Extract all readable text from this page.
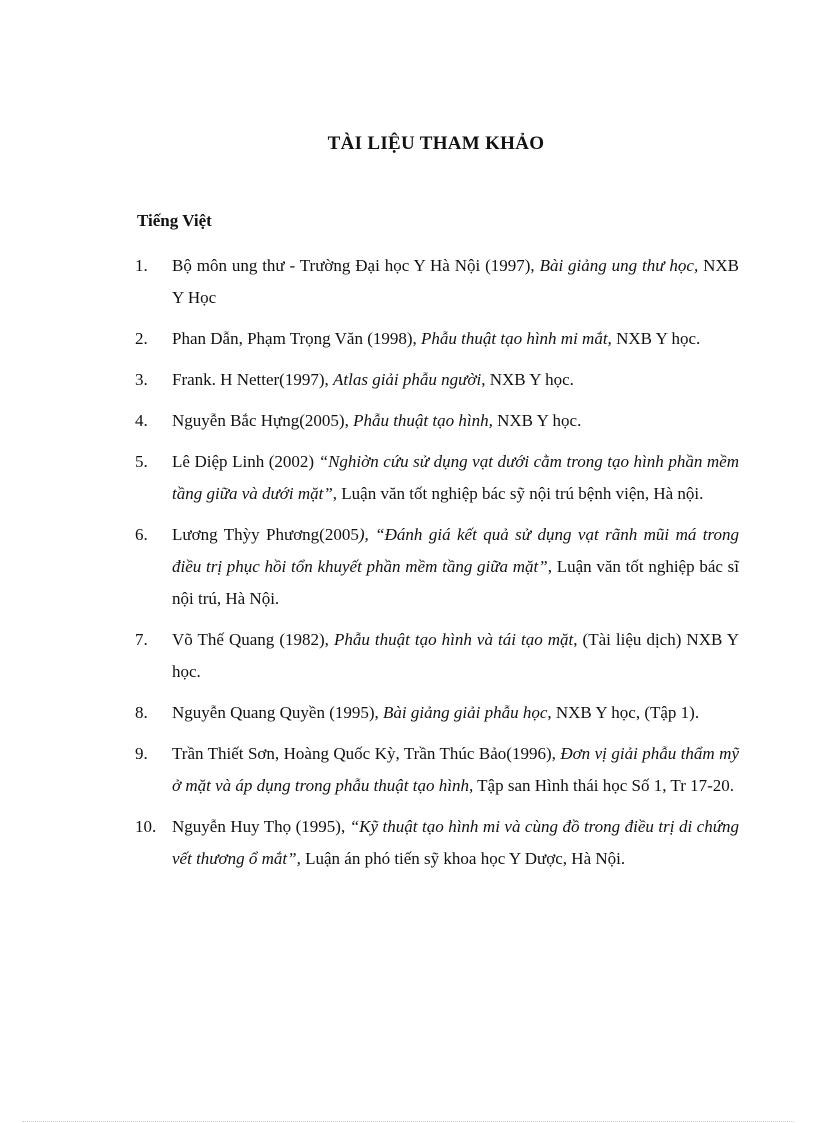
TÀI LIỆU THAM KHẢO
Tiếng Việt
1. Bộ môn ung thư - Trường Đại học Y Hà Nội (1997), Bài giảng ung thư học, NXB Y Học
2. Phan Dẫn, Phạm Trọng Văn (1998), Phẫu thuật tạo hình mi mắt, NXB Y học.
3. Frank. H Netter(1997), Atlas giải phẫu người, NXB Y học.
4. Nguyễn Bắc Hựng(2005), Phẫu thuật tạo hình, NXB Y học.
5. Lê Diệp Linh (2002) “Nghiờn cứu sử dụng vạt dưới cằm trong tạo hình phần mềm tầng giữa và dưới mặt”, Luận văn tốt nghiệp bác sỹ nội trú bệnh viện, Hà nội.
6. Lương Thỳy Phương(2005), “Đánh giá kết quả sử dụng vạt rãnh mũi má trong điều trị phục hồi tổn khuyết phần mềm tầng giữa mặt”, Luận văn tốt nghiệp bác sĩ nội trú, Hà Nội.
7. Võ Thế Quang (1982), Phẫu thuật tạo hình và tái tạo mặt, (Tài liệu dịch) NXB Y học.
8. Nguyễn Quang Quyền (1995), Bài giảng giải phẫu học, NXB Y học, (Tập 1).
9. Trần Thiết Sơn, Hoàng Quốc Kỳ, Trần Thúc Bảo(1996), Đơn vị giải phẫu thẩm mỹ ở mặt và áp dụng trong phẫu thuật tạo hình, Tập san Hình thái học Số 1, Tr 17-20.
10. Nguyễn Huy Thọ (1995), “Kỹ thuật tạo hình mi và cùng đồ trong điều trị di chứng vết thương ổ mắt”, Luận án phó tiến sỹ khoa học Y Dược, Hà Nội.
